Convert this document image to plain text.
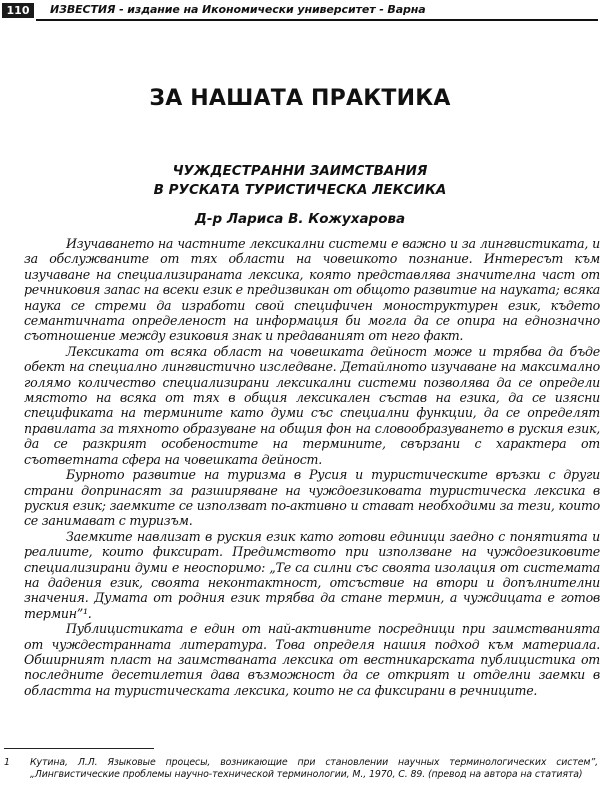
110	ИЗВЕСТИЯ - издание на Икономически университет - Варна
ЗА НАШАТА ПРАКТИКА
ЧУЖДЕСТРАННИ ЗАИМСТВАНИЯ
В РУСКАТА ТУРИСТИЧЕСКА ЛЕКСИКА
Д-р Лариса В. Кожухарова

Изучаването на частните лексикални системи е важно и за лингвистиката, и за обслужваните от тях области на човешкото познание. Интересът към изучаване на специализираната лексика, която представлява значителна част от речниковия запас на всеки език е предизвикан от общото развитие на науката; всяка наука се стреми да изработи свой специфичен моноструктурен език, където семантичната определеност на информация би могла да се опира на еднозначно съотношение между езиковия знак и предаваният от него факт.

Лексиката от всяка област на човешката дейност може и трябва да бъде обект на специално лингвистично изследване. Детайлното изучаване на максимално голямо количество специализирани лексикални системи позволява да се определи мястото на всяка от тях в общия лексикален състав на езика, да се изясни спецификата на термините като думи със специални функции, да се определят правилата за тяхното образуване на общия фон на словообразуването в руския език, да се разкрият особеностите на термините, свързани с характера от съответната сфера на човешката дейност.

Бурното развитие на туризма в Русия и туристическите връзки с други страни допринасят за разширяване на чуждоезиковата туристическа лексика в руския език; заемките се използват по-активно и стават необходими за тези, които се занимават с туризъм.

Заемките навлизат в руския език като готови единици заедно с понятията и реалиите, които фиксират. Предимството при използване на чуждоезиковите специализирани думи е неоспоримо: „Те са силни със своята изолация от системата на дадения език, своята неконтактност, отсъствие на втори и допълнителни значения. Думата от родния език трябва да стане термин, а чуждицата е готов термин”¹.

Публицистиката е един от най-активните посредници при заимстванията от чуждестранната литература. Това определя нашия подход към материала. Обширният пласт на заимстваната лексика от вестникарската публицистика от последните десетилетия дава възможност да се открият и отделни заемки в областта на туристическата лексика, които не са фиксирани в речниците.

1 Кутина, Л.Л. Языковые процесы, возникающие при становлении научных терминологических систем”, „Лингвистические проблемы научно-технической терминологии, М., 1970, С. 89. (превод на автора на статията)
